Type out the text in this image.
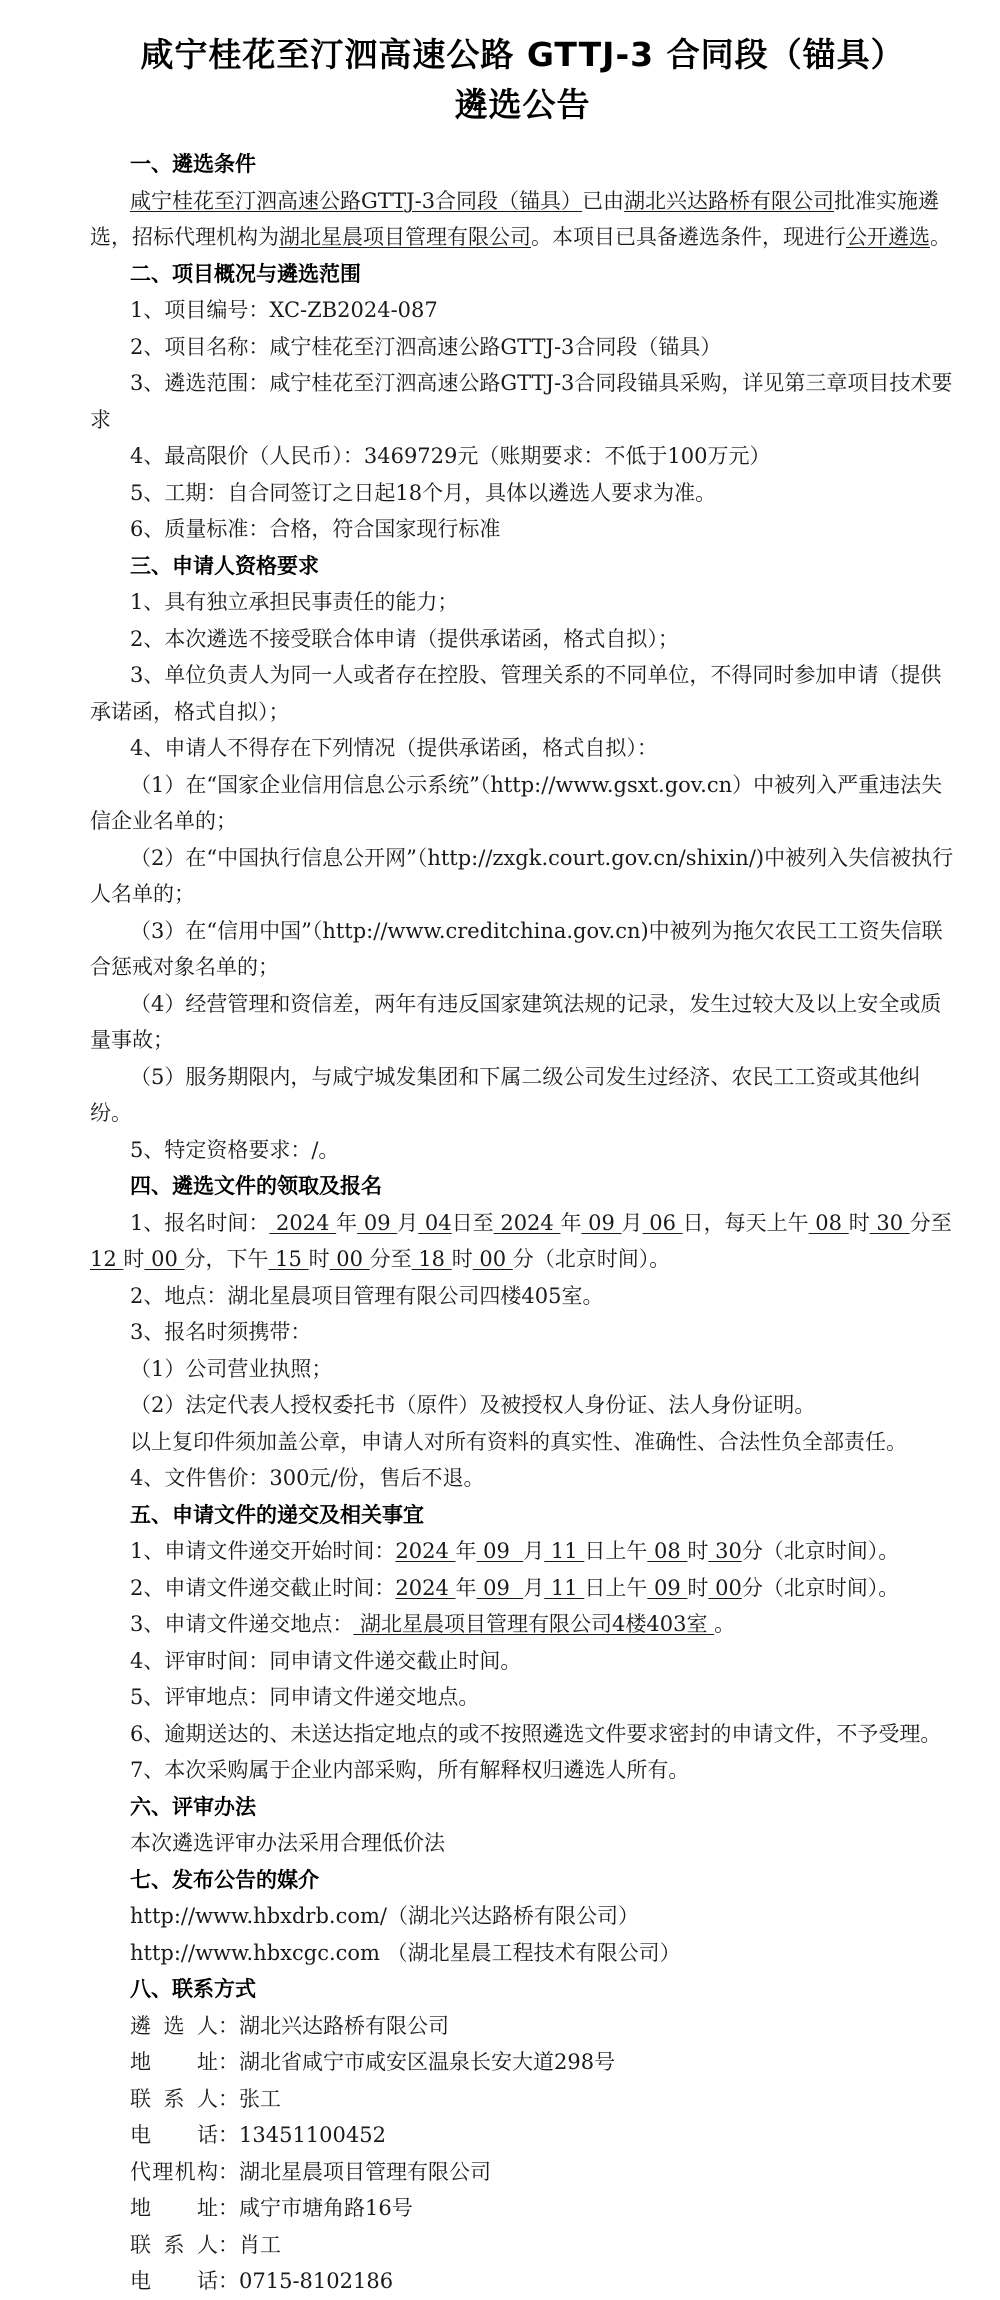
咸宁桂花至汀泗高速公路 GTTJ-3 合同段（锚具）
遴选公告

一、遴选条件

咸宁桂花至汀泗高速公路GTTJ-3合同段（锚具）已由湖北兴达路桥有限公司批准实施遴选，招标代理机构为湖北星晨项目管理有限公司。本项目已具备遴选条件，现进行公开遴选。

二、项目概况与遴选范围

1、项目编号：XC-ZB2024-087

2、项目名称：咸宁桂花至汀泗高速公路GTTJ-3合同段（锚具）

3、遴选范围：咸宁桂花至汀泗高速公路GTTJ-3合同段锚具采购，详见第三章项目技术要求

4、最高限价（人民币）：3469729元（账期要求：不低于100万元）

5、工期：自合同签订之日起18个月，具体以遴选人要求为准。

6、质量标准：合格，符合国家现行标准

三、申请人资格要求

1、具有独立承担民事责任的能力；

2、本次遴选不接受联合体申请（提供承诺函，格式自拟）；

3、单位负责人为同一人或者存在控股、管理关系的不同单位，不得同时参加申请（提供承诺函，格式自拟）；

4、申请人不得存在下列情况（提供承诺函，格式自拟）：

（1）在“国家企业信用信息公示系统”（http://www.gsxt.gov.cn）中被列入严重违法失信企业名单的；

（2）在“中国执行信息公开网”（http://zxgk.court.gov.cn/shixin/)中被列入失信被执行人名单的；

（3）在“信用中国”（http://www.creditchina.gov.cn)中被列为拖欠农民工工资失信联合惩戒对象名单的；

（4）经营管理和资信差，两年有违反国家建筑法规的记录，发生过较大及以上安全或质量事故；

（5）服务期限内，与咸宁城发集团和下属二级公司发生过经济、农民工工资或其他纠纷。

5、特定资格要求：/。

四、遴选文件的领取及报名

1、报名时间： 2024 年 09 月 04日至 2024 年 09 月 06 日，每天上午 08 时 30 分至12 时 00 分，下午 15 时 00 分至 18 时 00 分（北京时间）。

2、地点：湖北星晨项目管理有限公司四楼405室。

3、报名时须携带：

（1）公司营业执照；

（2）法定代表人授权委托书（原件）及被授权人身份证、法人身份证明。

以上复印件须加盖公章，申请人对所有资料的真实性、准确性、合法性负全部责任。

4、文件售价：300元/份，售后不退。

五、申请文件的递交及相关事宜

1、申请文件递交开始时间：2024 年 09  月 11 日上午 08 时 30分（北京时间）。

2、申请文件递交截止时间：2024 年 09  月 11 日上午 09 时 00分（北京时间）。

3、申请文件递交地点： 湖北星晨项目管理有限公司4楼403室 。

4、评审时间：同申请文件递交截止时间。

5、评审地点：同申请文件递交地点。

6、逾期送达的、未送达指定地点的或不按照遴选文件要求密封的申请文件，不予受理。

7、本次采购属于企业内部采购，所有解释权归遴选人所有。

六、评审办法

本次遴选评审办法采用合理低价法

七、发布公告的媒介

http://www.hbxdrb.com/（湖北兴达路桥有限公司）

http://www.hbxcgc.com （湖北星晨工程技术有限公司）

八、联系方式

遴选人：湖北兴达路桥有限公司

地址：湖北省咸宁市咸安区温泉长安大道298号

联系人：张工

电话：13451100452

代理机构：湖北星晨项目管理有限公司

地址：咸宁市塘角路16号

联系人：肖工

电话：0715-8102186
